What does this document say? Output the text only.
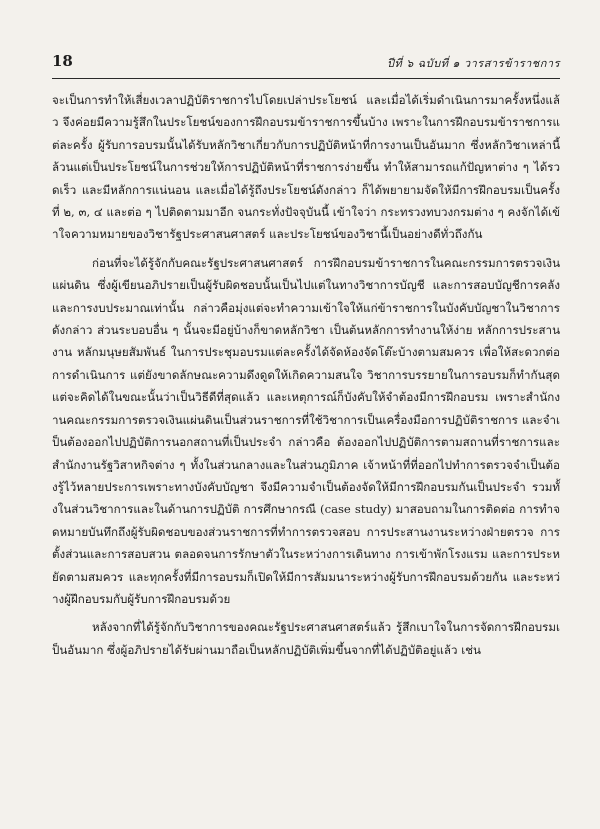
18	ปีที่ ๖ ฉบับที่ ๑ วารสารข้าราชการ

จะเป็นการทำให้เสี่ยงเวลาปฏิบัติราชการไปโดยเปล่าประโยชน์ และเมื่อได้เริ่มดำเนินการมาครั้งหนึ่งแล้ว จึงค่อยมีความรู้สึกในประโยชน์ของการฝึกอบรมข้าราชการขึ้นบ้าง เพราะในการฝึกอบรมข้าราชการแต่ละครั้ง ผู้รับการอบรมนั้นได้รับหลักวิชาเกี่ยวกับการปฏิบัติหน้าที่การงานเป็นอันมาก ซึ่งหลักวิชาเหล่านี้ล้วนแต่เป็นประโยชน์ในการช่วยให้การปฏิบัติหน้าที่ราชการง่ายขึ้น ทำให้สามารถแก้ปัญหาต่าง ๆ ได้รวดเร็ว และมีหลักการแน่นอน และเมื่อได้รู้ถึงประโยชน์ดังกล่าว ก็ได้พยายามจัดให้มีการฝึกอบรมเป็นครั้งที่ ๒, ๓, ๔ และต่อ ๆ ไปติดตามมาอีก จนกระทั่งปัจจุบันนี้ เข้าใจว่า กระทรวงทบวงกรมต่าง ๆ คงจักได้เข้าใจความหมายของวิชารัฐประศาสนศาสตร์ และประโยชน์ของวิชานี้เป็นอย่างดีทั่วถึงกัน

ก่อนที่จะได้รู้จักกับคณะรัฐประศาสนศาสตร์ การฝึกอบรมข้าราชการในคณะกรรมการตรวจเงินแผ่นดิน ซึ่งผู้เขียนอภิปรายเป็นผู้รับผิดชอบนั้นเป็นไปแต่ในทางวิชาการบัญชี และการสอบบัญชีการคลัง และการงบประมาณเท่านั้น กล่าวคือมุ่งแต่จะทำความเข้าใจให้แก่ข้าราชการในบังคับบัญชาในวิชาการดังกล่าว ส่วนระบอบอื่น ๆ นั้นจะมีอยู่บ้างก็ขาดหลักวิชา เป็นต้นหลักการทำงานให้ง่าย หลักการประสานงาน หลักมนุษยสัมพันธ์ ในการประชุมอบรมแต่ละครั้งได้จัดห้องจัดโต๊ะบ้างตามสมควร เพื่อให้สะดวกต่อการดำเนินการ แต่ยังขาดลักษณะความดึงดูดให้เกิดความสนใจ วิชาการบรรยายในการอบรมก็ทำกันสุดแต่จะคิดได้ในขณะนั้นว่าเป็นวิธีดีที่สุดแล้ว และเหตุการณ์ก็บังคับให้จำต้องมีการฝึกอบรม เพราะสำนักงานคณะกรรมการตรวจเงินแผ่นดินเป็นส่วนราชการที่ใช้วิชาการเป็นเครื่องมือการปฏิบัติราชการ และจำเป็นต้องออกไปปฏิบัติการนอกสถานที่เป็นประจำ กล่าวคือ ต้องออกไปปฏิบัติการตามสถานที่ราชการและสำนักงานรัฐวิสาหกิจต่าง ๆ ทั้งในส่วนกลางและในส่วนภูมิภาค เจ้าหน้าที่ที่ออกไปทำการตรวจจำเป็นต้องรู้ไว้หลายประการเพราะทางบังคับบัญชา จึงมีความจำเป็นต้องจัดให้มีการฝึกอบรมกันเป็นประจำ รวมทั้งในส่วนวิชาการและในด้านการปฏิบัติ การศึกษากรณี (case study) มาสอบถามในการติดต่อ การทำจดหมายบันทึกถึงผู้รับผิดชอบของส่วนราชการที่ทำการตรวจสอบ การประสานงานระหว่างฝ่ายตรวจ การตั้งส่วนและการสอบสวน ตลอดจนการรักษาตัวในระหว่างการเดินทาง การเข้าพักโรงแรม และการประหยัดตามสมควร และทุกครั้งที่มีการอบรมก็เปิดให้มีการสัมมนาระหว่างผู้รับการฝึกอบรมด้วยกัน และระหว่างผู้ฝึกอบรมกับผู้รับการฝึกอบรมด้วย

หลังจากที่ได้รู้จักกับวิชาการของคณะรัฐประศาสนศาสตร์แล้ว รู้สึกเบาใจในการจัดการฝึกอบรมเป็นอันมาก ซึ่งผู้อภิปรายได้รับผ่านมาถือเป็นหลักปฏิบัติเพิ่มขึ้นจากที่ได้ปฏิบัติอยู่แล้ว เช่น
